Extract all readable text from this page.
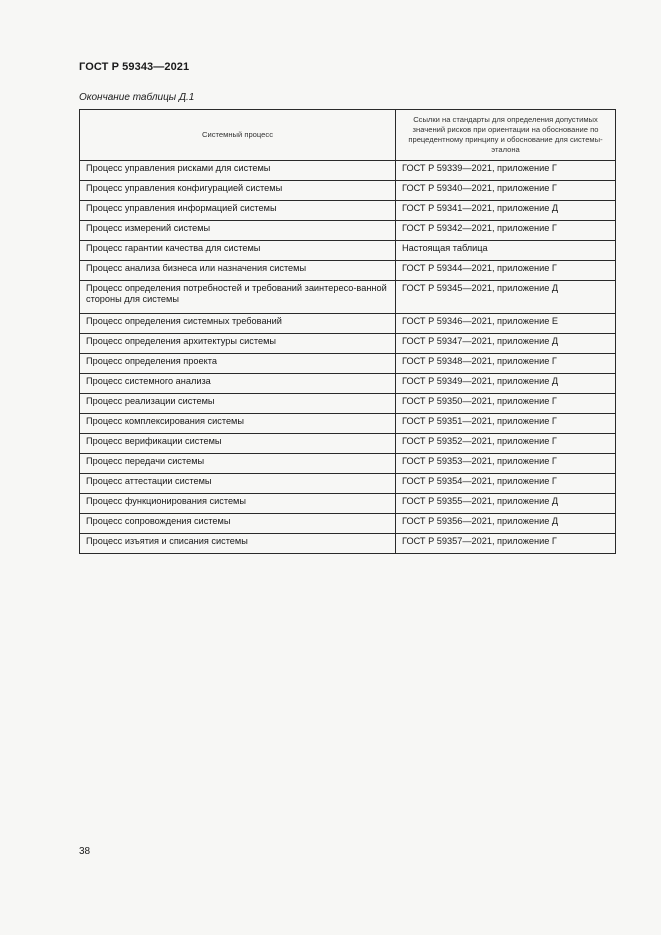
ГОСТ Р 59343—2021
Окончание таблицы Д.1
Системный процесс	Ссылки на стандарты для определения допустимых значений рисков при ориентации на обоснование по прецедентному принципу и обоснование для системы-эталона
Процесс управления рисками для системы	ГОСТ Р 59339—2021, приложение Г
Процесс управления конфигурацией системы	ГОСТ Р 59340—2021, приложение Г
Процесс управления информацией системы	ГОСТ Р 59341—2021, приложение Д
Процесс измерений системы	ГОСТ Р 59342—2021, приложение Г
Процесс гарантии качества для системы	Настоящая таблица
Процесс анализа бизнеса или назначения системы	ГОСТ Р 59344—2021, приложение Г
Процесс определения потребностей и требований заинтересо-ванной стороны для системы	ГОСТ Р 59345—2021, приложение Д
Процесс определения системных требований	ГОСТ Р 59346—2021, приложение Е
Процесс определения архитектуры системы	ГОСТ Р 59347—2021, приложение Д
Процесс определения проекта	ГОСТ Р 59348—2021, приложение Г
Процесс системного анализа	ГОСТ Р 59349—2021, приложение Д
Процесс реализации системы	ГОСТ Р 59350—2021, приложение Г
Процесс комплексирования системы	ГОСТ Р 59351—2021, приложение Г
Процесс верификации системы	ГОСТ Р 59352—2021, приложение Г
Процесс передачи системы	ГОСТ Р 59353—2021, приложение Г
Процесс аттестации системы	ГОСТ Р 59354—2021, приложение Г
Процесс функционирования системы	ГОСТ Р 59355—2021, приложение Д
Процесс сопровождения системы	ГОСТ Р 59356—2021, приложение Д
Процесс изъятия и списания системы	ГОСТ Р 59357—2021, приложение Г
38
